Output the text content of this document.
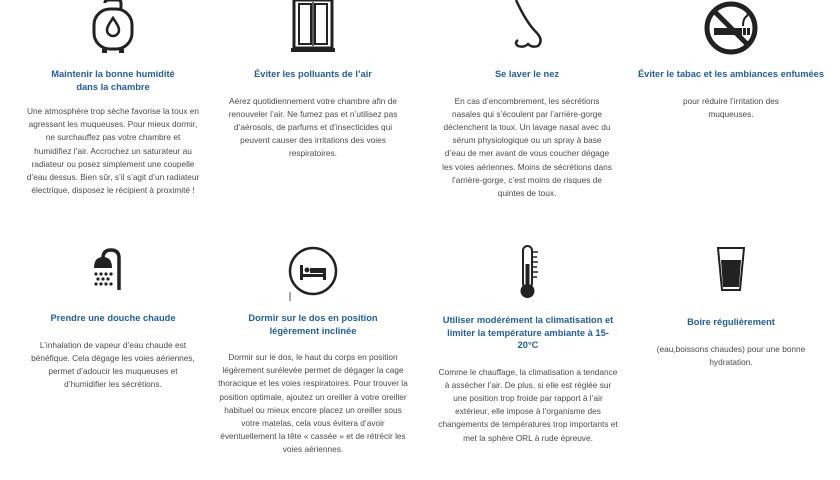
Maintenir la bonne humidité dans la chambre

Une atmosphère trop sèche favorise la toux en agressant les muqueuses. Pour mieux dormir, ne surchauffez pas votre chambre et humidifiez l’air. Accrochez un saturateur au radiateur ou posez simplement une coupelle d’eau dessus. Bien sûr, s’il s’agit d’un radiateur électrique, disposez le récipient à proximité !

Éviter les polluants de l’air

Aérez quotidiennement votre chambre afin de renouveler l’air. Ne fumez pas et n’utilisez pas d’aérosols, de parfums et d’insecticides qui peuvent causer des irritations des voies respiratoires.

Se laver le nez

En cas d’encombrement, les sécrétions nasales qui s’écoulent par l’arrière-gorge déclenchent la toux. Un lavage nasal avec du sérum physiologique ou un spray à base d’eau de mer avant de vous coucher dégage les voies aériennes. Moins de sécrétions dans l’arrière-gorge, c’est moins de risques de quintes de toux.

Éviter le tabac et les ambiances enfumées

pour réduire l’irritation des muqueuses.

Prendre une douche chaude

L’inhalation de vapeur d’eau chaude est bénéfique. Cela dégage les voies aériennes, permet d’adoucir les muqueuses et d’humidifier les sécrétions.

Dormir sur le dos en position légèrement inclinée

Dormir sur le dos, le haut du corps en position légèrement surélevée permet de dégager la cage thoracique et les voies respiratoires. Pour trouver la position optimale, ajoutez un oreiller à votre oreiller habituel ou mieux encore placez un oreiller sous votre matelas, cela vous évitera d’avoir éventuellement la tête « cassée » et de rétrécir les voies aériennes.

Utiliser modérément la climatisation et limiter la température ambiante à 15-20°C

Comme le chauffage, la climatisation a tendance à assécher l’air. De plus, si elle est réglée sur une position trop froide par rapport à l’air extérieur, elle impose à l’organisme des changements de températures trop importants et met la sphère ORL à rude épreuve.

Boire régulièrement

(eau,boissons chaudes) pour une bonne hydratation.
